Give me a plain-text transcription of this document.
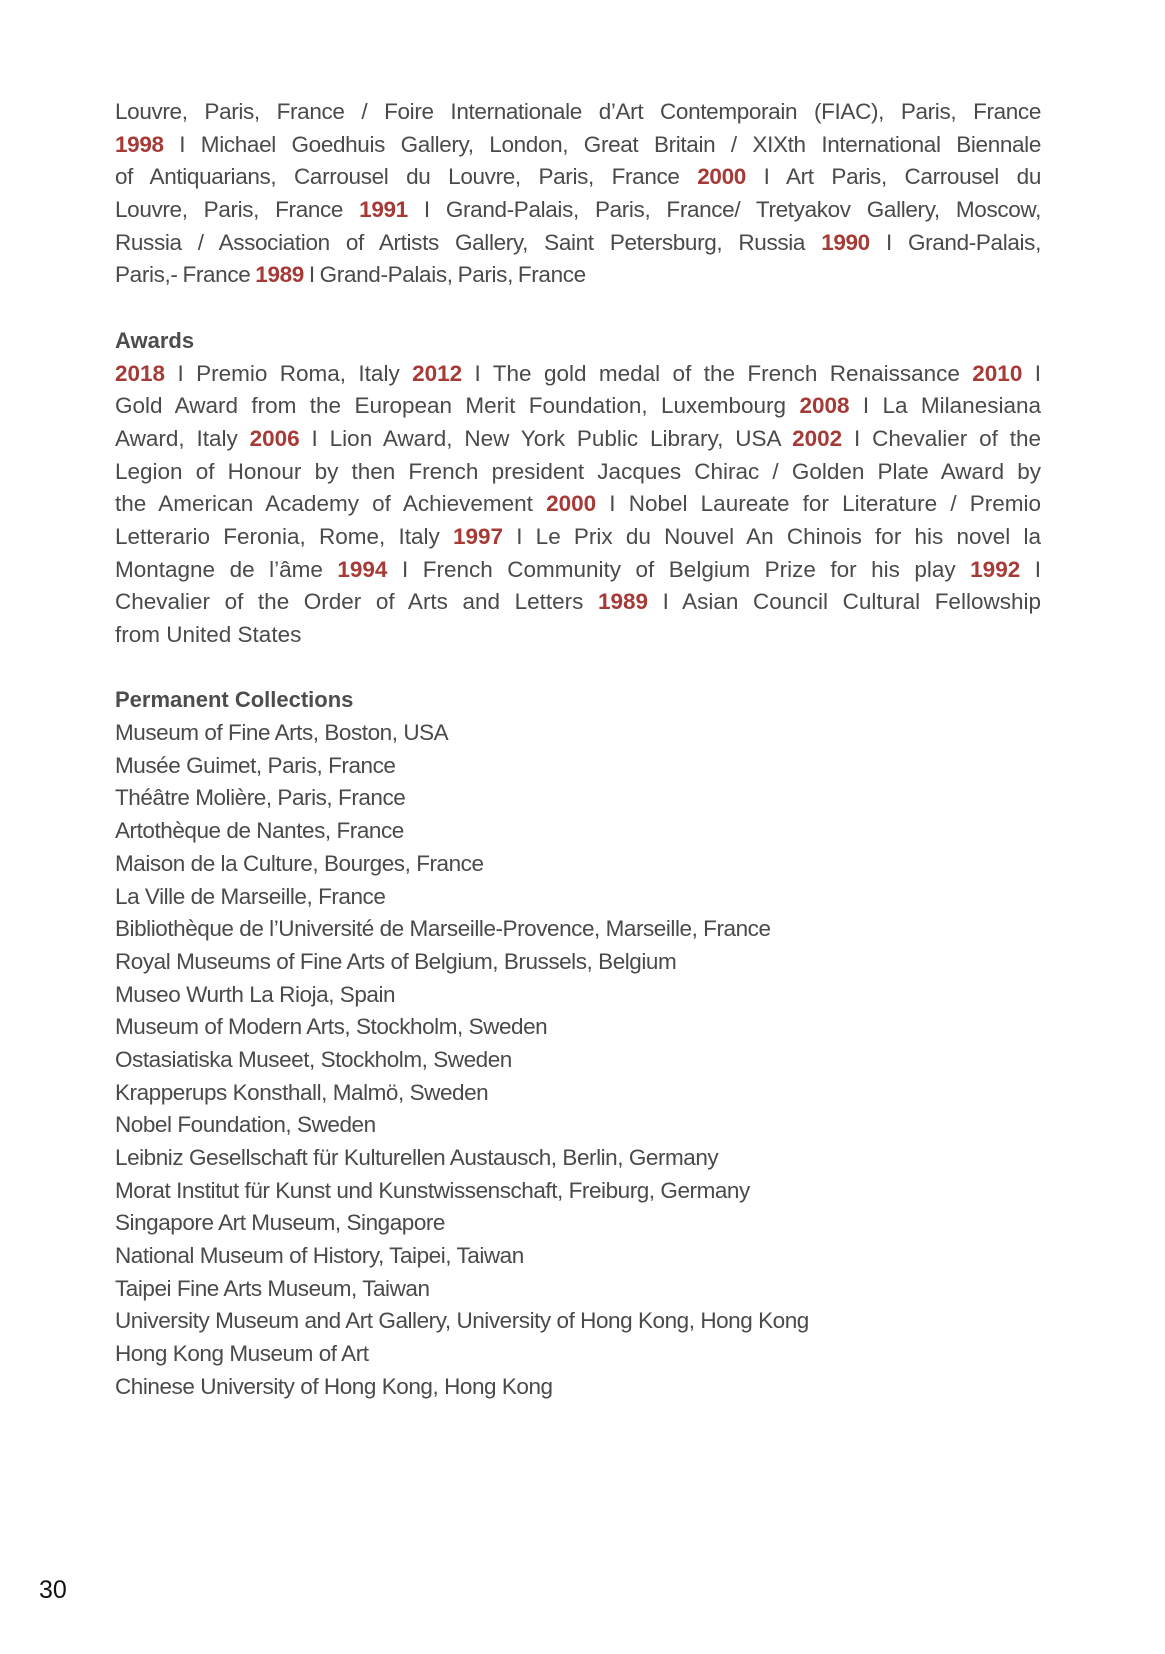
Louvre, Paris, France / Foire Internationale d’Art Contemporain (FIAC), Paris, France
1998 I Michael Goedhuis Gallery, London, Great Britain / XIXth International Biennale
of Antiquarians, Carrousel du Louvre, Paris, France 2000 I Art Paris, Carrousel du
Louvre, Paris, France 1991 I Grand-Palais, Paris, France/ Tretyakov Gallery, Moscow,
Russia / Association of Artists Gallery, Saint Petersburg, Russia 1990 I Grand-Palais,
Paris,- France 1989 I Grand-Palais, Paris, France
Awards
2018 I Premio Roma, Italy 2012 I The gold medal of the French Renaissance 2010 I
Gold Award from the European Merit Foundation, Luxembourg 2008 I La Milanesiana
Award, Italy 2006 I Lion Award, New York Public Library, USA 2002 I Chevalier of the
Legion of Honour by then French president Jacques Chirac / Golden Plate Award by
the American Academy of Achievement 2000 I Nobel Laureate for Literature / Premio
Letterario Feronia, Rome, Italy 1997 I Le Prix du Nouvel An Chinois for his novel la
Montagne de l’âme 1994 I French Community of Belgium Prize for his play 1992 I
Chevalier of the Order of Arts and Letters 1989 I Asian Council Cultural Fellowship
from United States
Permanent Collections
Museum of Fine Arts, Boston, USA
Musée Guimet, Paris, France
Théâtre Molière, Paris, France
Artothèque de Nantes, France
Maison de la Culture, Bourges, France
La Ville de Marseille, France
Bibliothèque de l’Université de Marseille-Provence, Marseille, France
Royal Museums of Fine Arts of Belgium, Brussels, Belgium
Museo Wurth La Rioja, Spain
Museum of Modern Arts, Stockholm, Sweden
Ostasiatiska Museet, Stockholm, Sweden
Krapperups Konsthall, Malmö, Sweden
Nobel Foundation, Sweden
Leibniz Gesellschaft für Kulturellen Austausch, Berlin, Germany
Morat Institut für Kunst und Kunstwissenschaft, Freiburg, Germany
Singapore Art Museum, Singapore
National Museum of History, Taipei, Taiwan
Taipei Fine Arts Museum, Taiwan
University Museum and Art Gallery, University of Hong Kong, Hong Kong
Hong Kong Museum of Art
Chinese University of Hong Kong, Hong Kong
30
